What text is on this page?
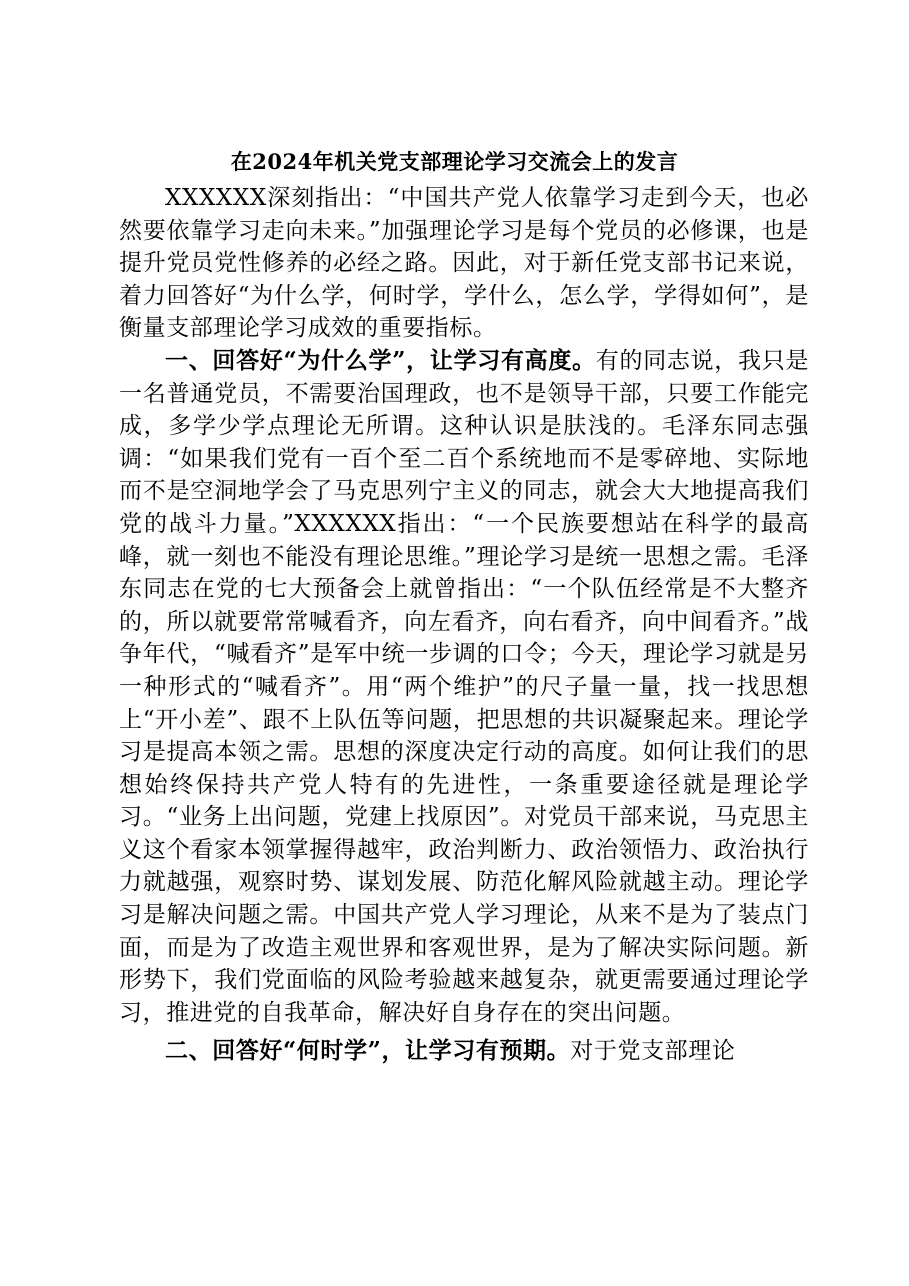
在2024年机关党支部理论学习交流会上的发言

XXXXXX深刻指出：“中国共产党人依靠学习走到今天，也必然要依靠学习走向未来。”加强理论学习是每个党员的必修课，也是提升党员党性修养的必经之路。因此，对于新任党支部书记来说，着力回答好“为什么学，何时学，学什么，怎么学，学得如何”，是衡量支部理论学习成效的重要指标。

一、回答好“为什么学”，让学习有高度。有的同志说，我只是一名普通党员，不需要治国理政，也不是领导干部，只要工作能完成，多学少学点理论无所谓。这种认识是肤浅的。毛泽东同志强调：“如果我们党有一百个至二百个系统地而不是零碎地、实际地而不是空洞地学会了马克思列宁主义的同志，就会大大地提高我们党的战斗力量。”XXXXXX指出：“一个民族要想站在科学的最高峰，就一刻也不能没有理论思维。”理论学习是统一思想之需。毛泽东同志在党的七大预备会上就曾指出：“一个队伍经常是不大整齐的，所以就要常常喊看齐，向左看齐，向右看齐，向中间看齐。”战争年代，“喊看齐”是军中统一步调的口令；今天，理论学习就是另一种形式的“喊看齐”。用“两个维护”的尺子量一量，找一找思想上“开小差”、跟不上队伍等问题，把思想的共识凝聚起来。理论学习是提高本领之需。思想的深度决定行动的高度。如何让我们的思想始终保持共产党人特有的先进性，一条重要途径就是理论学习。“业务上出问题，党建上找原因”。对党员干部来说，马克思主义这个看家本领掌握得越牢，政治判断力、政治领悟力、政治执行力就越强，观察时势、谋划发展、防范化解风险就越主动。理论学习是解决问题之需。中国共产党人学习理论，从来不是为了装点门面，而是为了改造主观世界和客观世界，是为了解决实际问题。新形势下，我们党面临的风险考验越来越复杂，就更需要通过理论学习，推进党的自我革命，解决好自身存在的突出问题。

二、回答好“何时学”，让学习有预期。对于党支部理论
